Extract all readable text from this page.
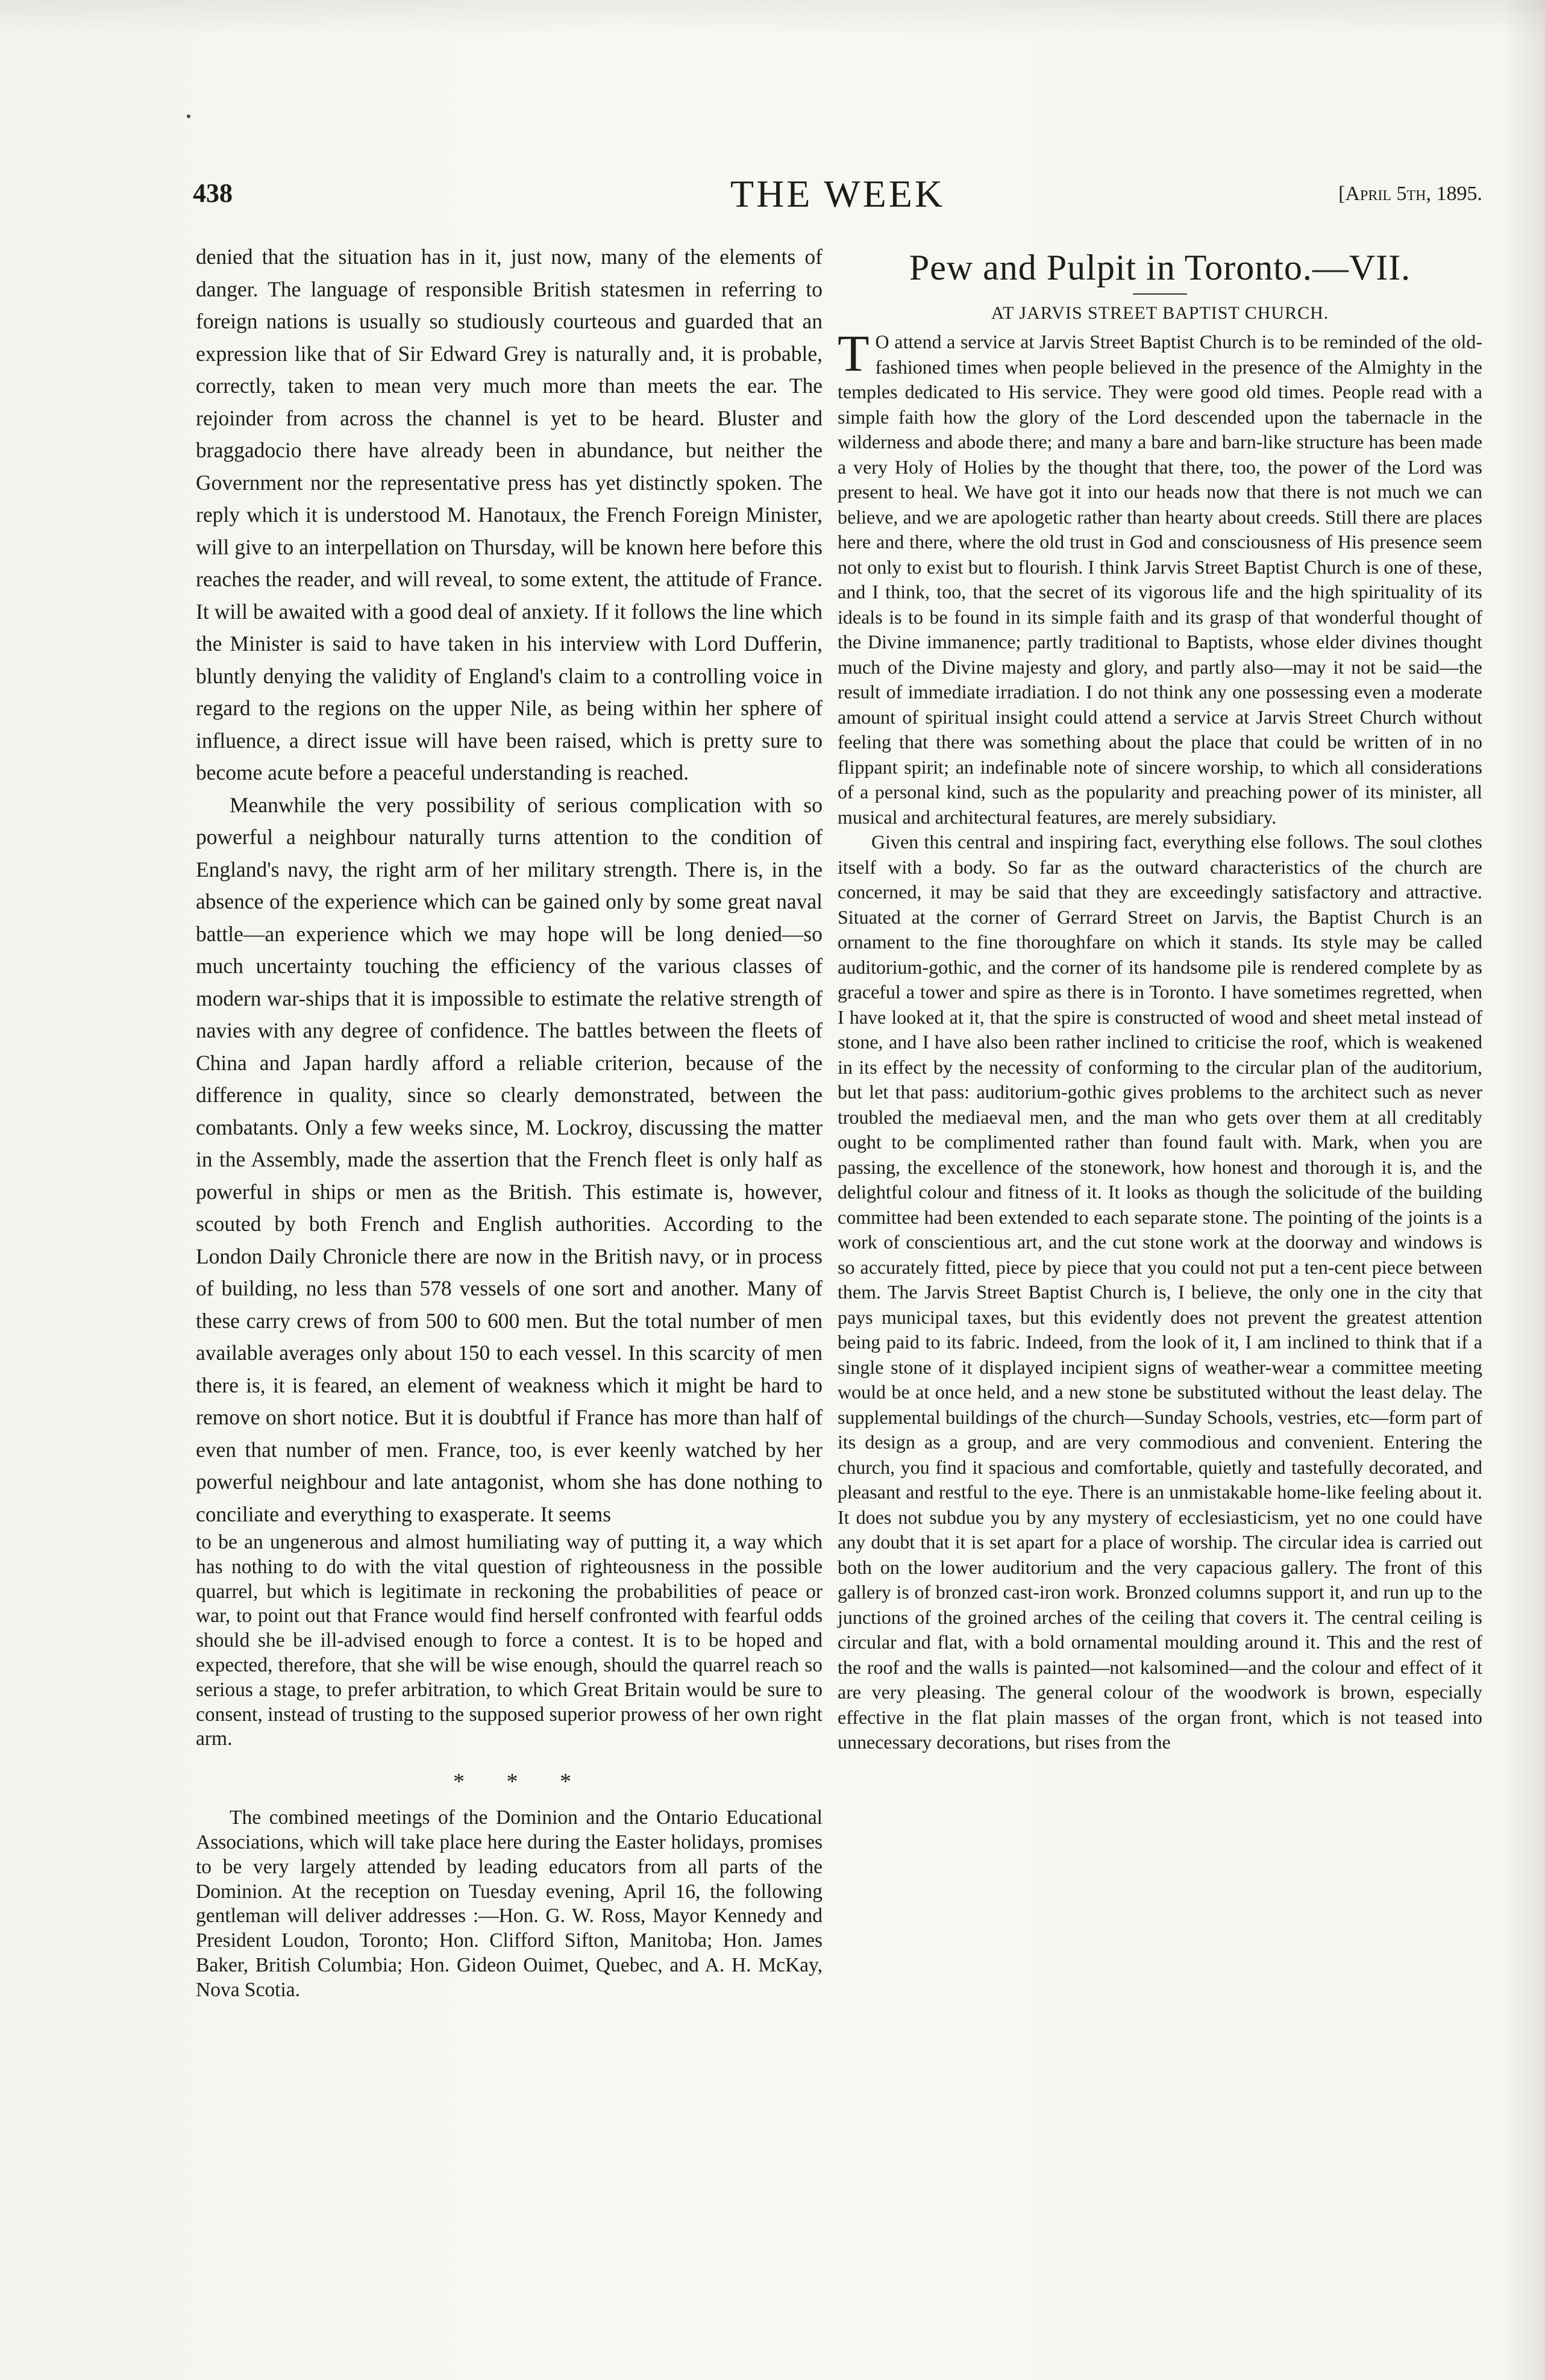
438	THE WEEK	[April 5th, 1895.

denied that the situation has in it, just now, many of the elements of danger. The language of responsible British statesmen in referring to foreign nations is usually so studiously courteous and guarded that an expression like that of Sir Edward Grey is naturally and, it is probable, correctly, taken to mean very much more than meets the ear. The rejoinder from across the channel is yet to be heard. Bluster and braggadocio there have already been in abundance, but neither the Government nor the representative press has yet distinctly spoken. The reply which it is understood M. Hanotaux, the French Foreign Minister, will give to an interpellation on Thursday, will be known here before this reaches the reader, and will reveal, to some extent, the attitude of France. It will be awaited with a good deal of anxiety. If it follows the line which the Minister is said to have taken in his interview with Lord Dufferin, bluntly denying the validity of England's claim to a controlling voice in regard to the regions on the upper Nile, as being within her sphere of influence, a direct issue will have been raised, which is pretty sure to become acute before a peaceful understanding is reached.

Meanwhile the very possibility of serious complication with so powerful a neighbour naturally turns attention to the condition of England's navy, the right arm of her military strength. There is, in the absence of the experience which can be gained only by some great naval battle—an experience which we may hope will be long denied—so much uncertainty touching the efficiency of the various classes of modern war-ships that it is impossible to estimate the relative strength of navies with any degree of confidence. The battles between the fleets of China and Japan hardly afford a reliable criterion, because of the difference in quality, since so clearly demonstrated, between the combatants. Only a few weeks since, M. Lockroy, discussing the matter in the Assembly, made the assertion that the French fleet is only half as powerful in ships or men as the British. This estimate is, however, scouted by both French and English authorities. According to the London Daily Chronicle there are now in the British navy, or in process of building, no less than 578 vessels of one sort and another. Many of these carry crews of from 500 to 600 men. But the total number of men available averages only about 150 to each vessel. In this scarcity of men there is, it is feared, an element of weakness which it might be hard to remove on short notice. But it is doubtful if France has more than half of even that number of men. France, too, is ever keenly watched by her powerful neighbour and late antagonist, whom she has done nothing to conciliate and everything to exasperate. It seems

to be an ungenerous and almost humiliating way of putting it, a way which has nothing to do with the vital question of righteousness in the possible quarrel, but which is legitimate in reckoning the probabilities of peace or war, to point out that France would find herself confronted with fearful odds should she be ill-advised enough to force a contest. It is to be hoped and expected, therefore, that she will be wise enough, should the quarrel reach so serious a stage, to prefer arbitration, to which Great Britain would be sure to consent, instead of trusting to the supposed superior prowess of her own right arm.

* * *

The combined meetings of the Dominion and the Ontario Educational Associations, which will take place here during the Easter holidays, promises to be very largely attended by leading educators from all parts of the Dominion. At the reception on Tuesday evening, April 16, the following gentleman will deliver addresses :—Hon. G. W. Ross, Mayor Kennedy and President Loudon, Toronto; Hon. Clifford Sifton, Manitoba; Hon. James Baker, British Columbia; Hon. Gideon Ouimet, Quebec, and A. H. McKay, Nova Scotia.

Pew and Pulpit in Toronto.—VII.
AT JARVIS STREET BAPTIST CHURCH.

T O attend a service at Jarvis Street Baptist Church is to be reminded of the old-fashioned times when people believed in the presence of the Almighty in the temples dedicated to His service. They were good old times. People read with a simple faith how the glory of the Lord descended upon the tabernacle in the wilderness and abode there; and many a bare and barn-like structure has been made a very Holy of Holies by the thought that there, too, the power of the Lord was present to heal. We have got it into our heads now that there is not much we can believe, and we are apologetic rather than hearty about creeds. Still there are places here and there, where the old trust in God and consciousness of His presence seem not only to exist but to flourish. I think Jarvis Street Baptist Church is one of these, and I think, too, that the secret of its vigorous life and the high spirituality of its ideals is to be found in its simple faith and its grasp of that wonderful thought of the Divine immanence; partly traditional to Baptists, whose elder divines thought much of the Divine majesty and glory, and partly also—may it not be said—the result of immediate irradiation. I do not think any one possessing even a moderate amount of spiritual insight could attend a service at Jarvis Street Church without feeling that there was something about the place that could be written of in no flippant spirit; an indefinable note of sincere worship, to which all considerations of a personal kind, such as the popularity and preaching power of its minister, all musical and architectural features, are merely subsidiary.

Given this central and inspiring fact, everything else follows. The soul clothes itself with a body. So far as the outward characteristics of the church are concerned, it may be said that they are exceedingly satisfactory and attractive. Situated at the corner of Gerrard Street on Jarvis, the Baptist Church is an ornament to the fine thoroughfare on which it stands. Its style may be called auditorium-gothic, and the corner of its handsome pile is rendered complete by as graceful a tower and spire as there is in Toronto. I have sometimes regretted, when I have looked at it, that the spire is constructed of wood and sheet metal instead of stone, and I have also been rather inclined to criticise the roof, which is weakened in its effect by the necessity of conforming to the circular plan of the auditorium, but let that pass: auditorium-gothic gives problems to the architect such as never troubled the mediaeval men, and the man who gets over them at all creditably ought to be complimented rather than found fault with. Mark, when you are passing, the excellence of the stonework, how honest and thorough it is, and the delightful colour and fitness of it. It looks as though the solicitude of the building committee had been extended to each separate stone. The pointing of the joints is a work of conscientious art, and the cut stone work at the doorway and windows is so accurately fitted, piece by piece that you could not put a ten-cent piece between them. The Jarvis Street Baptist Church is, I believe, the only one in the city that pays municipal taxes, but this evidently does not prevent the greatest attention being paid to its fabric. Indeed, from the look of it, I am inclined to think that if a single stone of it displayed incipient signs of weather-wear a committee meeting would be at once held, and a new stone be substituted without the least delay. The supplemental buildings of the church—Sunday Schools, vestries, etc—form part of its design as a group, and are very commodious and convenient. Entering the church, you find it spacious and comfortable, quietly and tastefully decorated, and pleasant and restful to the eye. There is an unmistakable home-like feeling about it. It does not subdue you by any mystery of ecclesiasticism, yet no one could have any doubt that it is set apart for a place of worship. The circular idea is carried out both on the lower auditorium and the very capacious gallery. The front of this gallery is of bronzed cast-iron work. Bronzed columns support it, and run up to the junctions of the groined arches of the ceiling that covers it. The central ceiling is circular and flat, with a bold ornamental moulding around it. This and the rest of the roof and the walls is painted—not kalsomined—and the colour and effect of it are very pleasing. The general colour of the woodwork is brown, especially effective in the flat plain masses of the organ front, which is not teased into unnecessary decorations, but rises from the
